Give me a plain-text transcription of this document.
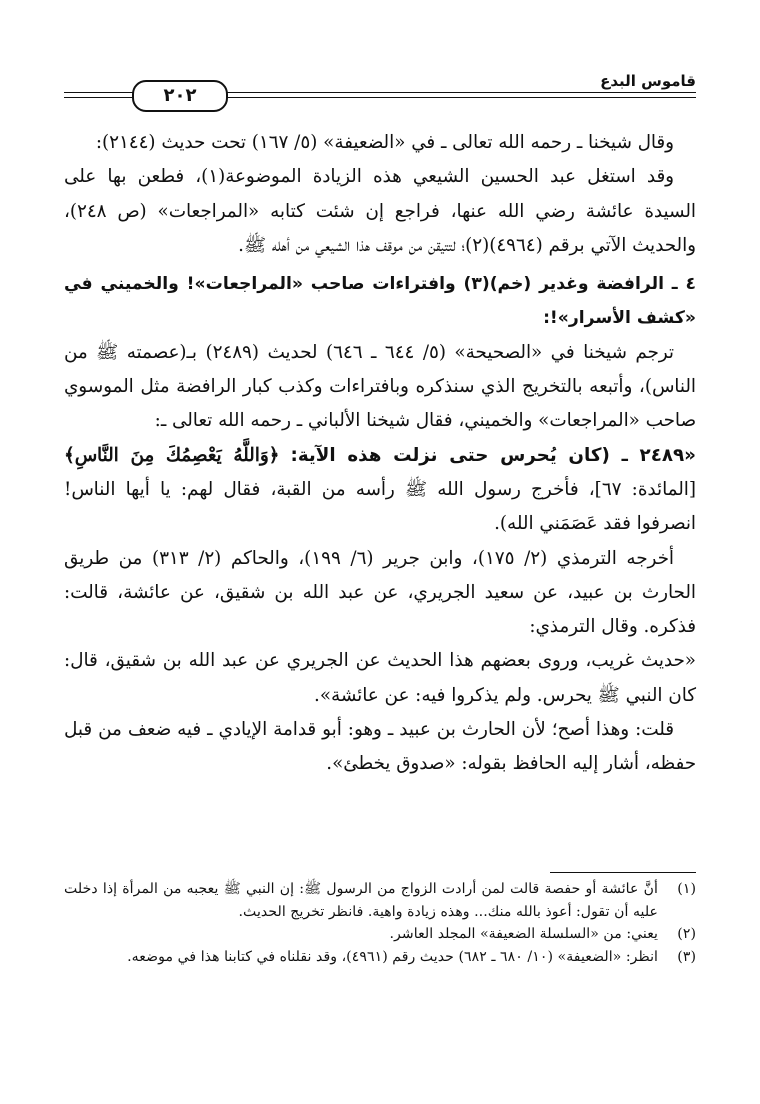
قاموس البدع
٢٠٢

وقال شيخنا ـ رحمه الله تعالى ـ في «الضعيفة» (٥/ ١٦٧) تحت حديث (٢١٤٤):

وقد استغل عبد الحسين الشيعي هذه الزيادة الموضوعة(١)، فطعن بها على السيدة عائشة رضي الله عنها، فراجع إن شئت كتابه «المراجعات» (ص ٢٤٨)، والحديث الآتي برقم (٤٩٦٤)(٢)؛ لتتيقن من موقف هذا الشيعي من أهله ﷺ.

٤ ـ الرافضة وغدير (خم)(٣) وافتراءات صاحب «المراجعات»! والخميني في «كشف الأسرار»!:

ترجم شيخنا في «الصحيحة» (٥/ ٦٤٤ ـ ٦٤٦) لحديث (٢٤٨٩) بـ(عصمته ﷺ من الناس)، وأتبعه بالتخريج الذي سنذكره وبافتراءات وكذب كبار الرافضة مثل الموسوي صاحب «المراجعات» والخميني، فقال شيخنا الألباني ـ رحمه الله تعالى ـ:

«٢٤٨٩ ـ (كان يُحرس حتى نزلت هذه الآية: ﴿وَاللَّهُ يَعْصِمُكَ مِنَ النَّاسِ﴾ [المائدة: ٦٧]، فأخرج رسول الله ﷺ رأسه من القبة، فقال لهم: يا أيها الناس! انصرفوا فقد عَصَمَني الله).

أخرجه الترمذي (٢/ ١٧٥)، وابن جرير (٦/ ١٩٩)، والحاكم (٢/ ٣١٣) من طريق الحارث بن عبيد، عن سعيد الجريري، عن عبد الله بن شقيق، عن عائشة، قالت: فذكره. وقال الترمذي:

«حديث غريب، وروى بعضهم هذا الحديث عن الجريري عن عبد الله بن شقيق، قال: كان النبي ﷺ يحرس. ولم يذكروا فيه: عن عائشة».

قلت: وهذا أصح؛ لأن الحارث بن عبيد ـ وهو: أبو قدامة الإيادي ـ فيه ضعف من قبل حفظه، أشار إليه الحافظ بقوله: «صدوق يخطئ».

(١)
أنَّ عائشة أو حفصة قالت لمن أرادت الزواج من الرسول ﷺ: إن النبي ﷺ يعجبه من المرأة إذا دخلت عليه أن تقول: أعوذ بالله منك... وهذه زيادة واهية. فانظر تخريج الحديث.

(٢)
يعني: من «السلسلة الضعيفة» المجلد العاشر.

(٣)
انظر: «الضعيفة» (١٠/ ٦٨٠ ـ ٦٨٢) حديث رقم (٤٩٦١)، وقد نقلناه في كتابنا هذا في موضعه.
